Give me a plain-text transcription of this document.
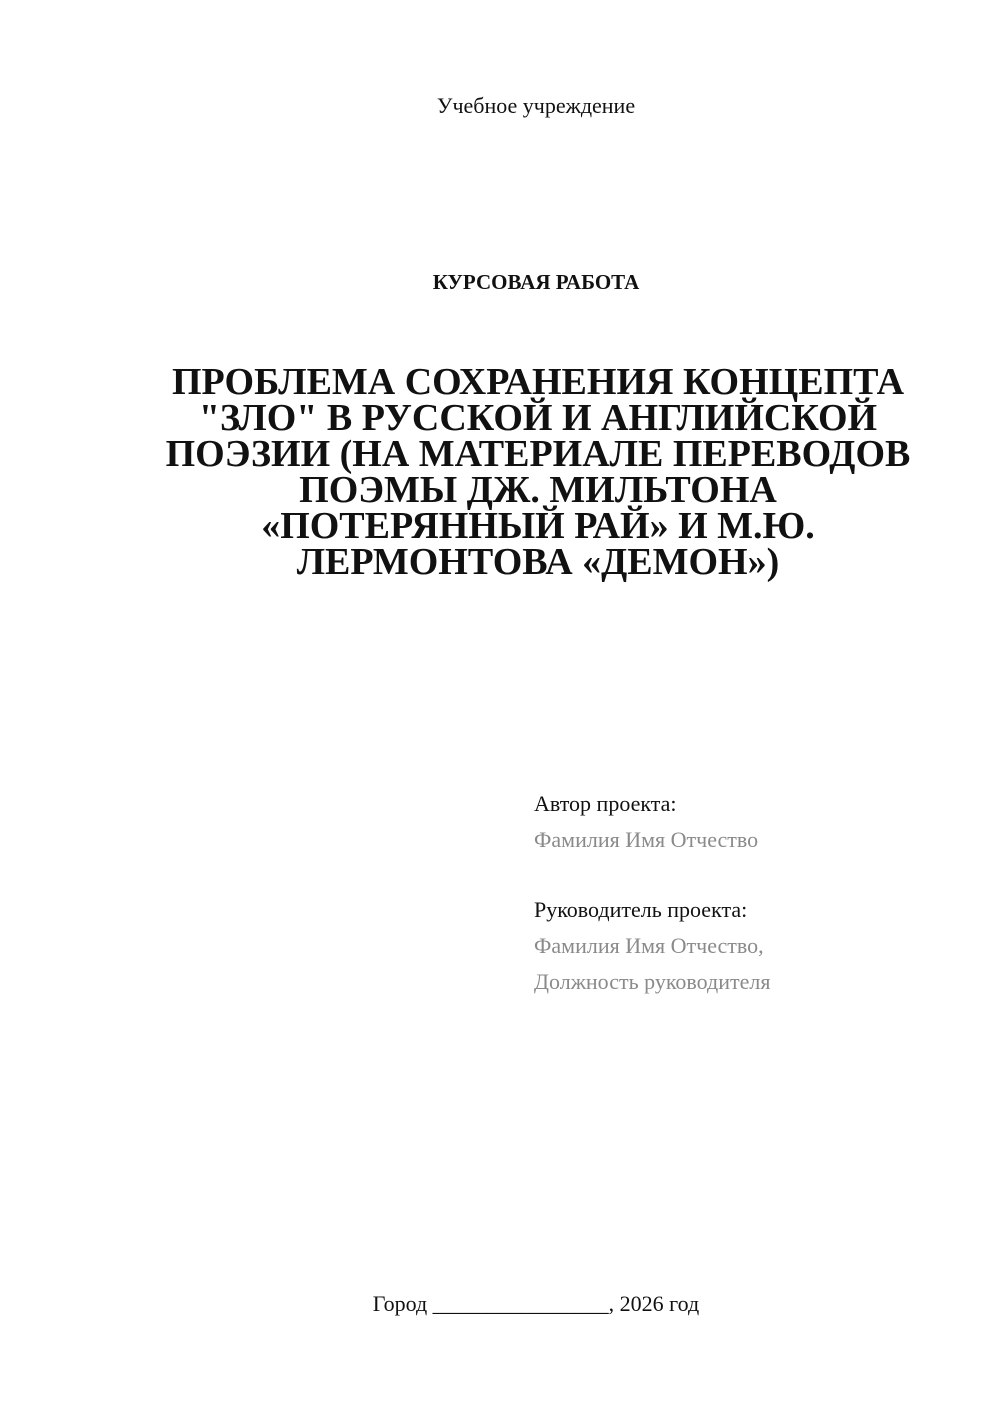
Учебное учреждение
КУРСОВАЯ РАБОТА
ПРОБЛЕМА СОХРАНЕНИЯ КОНЦЕПТА
"ЗЛО" В РУССКОЙ И АНГЛИЙСКОЙ
ПОЭЗИИ (НА МАТЕРИАЛЕ ПЕРЕВОДОВ
ПОЭМЫ ДЖ. МИЛЬТОНА
«ПОТЕРЯННЫЙ РАЙ» И М.Ю.
ЛЕРМОНТОВА «ДЕМОН»)
Автор проекта:
Фамилия Имя Отчество
Руководитель проекта:
Фамилия Имя Отчество,
Должность руководителя
Город ________________, 2026 год
